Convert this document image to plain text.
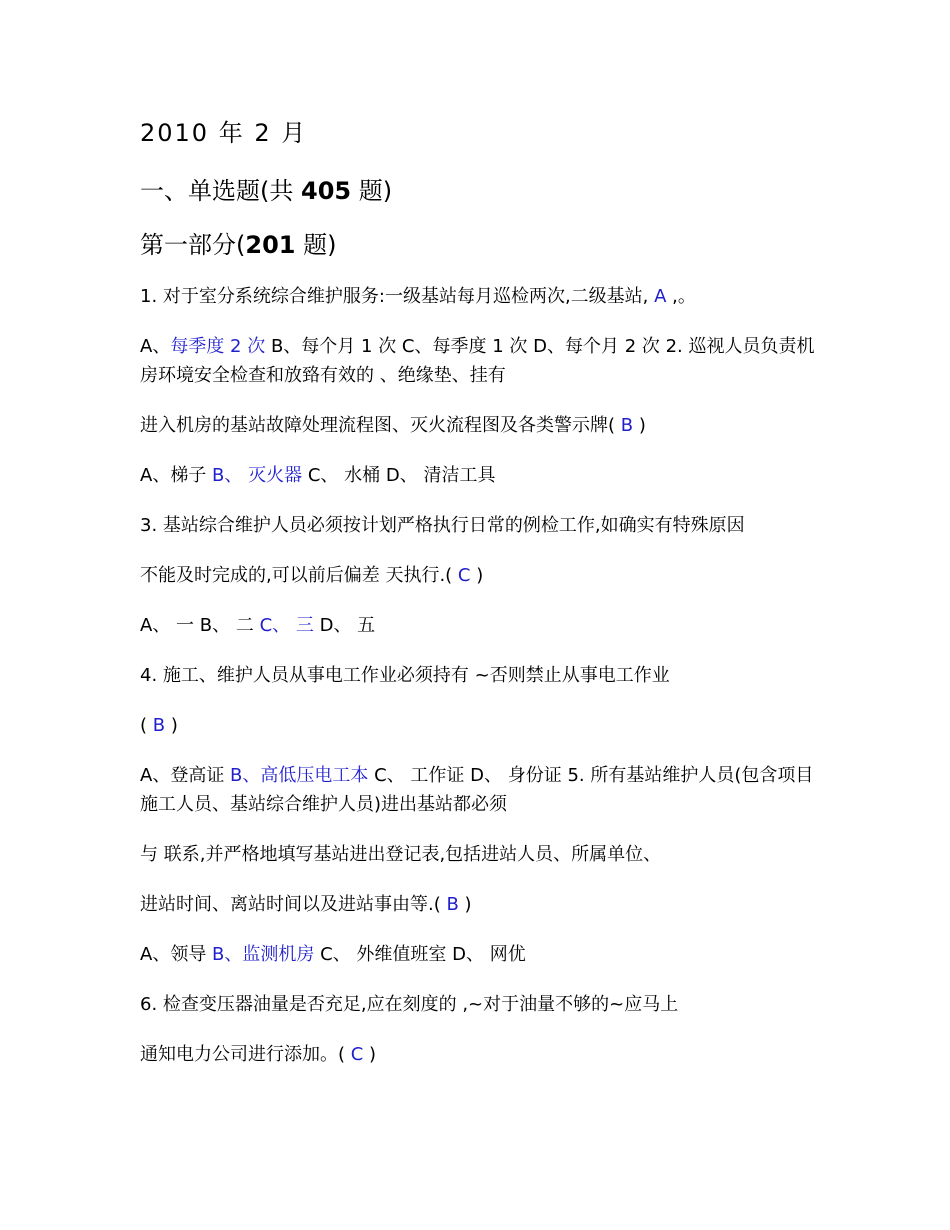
2010 年 2 月

一、单选题(共 405 题)

第一部分(201 题)

1. 对于室分系统综合维护服务:一级基站每月巡检两次,二级基站, A ,。

A、每季度 2 次 B、每个月 1 次 C、每季度 1 次 D、每个月 2 次 2. 巡视人员负责机房环境安全检查和放臵有效的 、绝缘垫、挂有

进入机房的基站故障处理流程图、灭火流程图及各类警示牌( B )

A、梯子 B、 灭火器 C、 水桶 D、 清洁工具

3. 基站综合维护人员必须按计划严格执行日常的例检工作,如确实有特殊原因

不能及时完成的,可以前后偏差 天执行.( C )

A、 一 B、 二 C、 三 D、 五

4. 施工、维护人员从事电工作业必须持有 ~否则禁止从事电工作业

( B )

A、登高证 B、高低压电工本 C、 工作证 D、 身份证 5. 所有基站维护人员(包含项目施工人员、基站综合维护人员)进出基站都必须

与 联系,并严格地填写基站进出登记表,包括进站人员、所属单位、

进站时间、离站时间以及进站事由等.( B )

A、领导 B、监测机房 C、 外维值班室 D、 网优

6. 检查变压器油量是否充足,应在刻度的 ,~对于油量不够的~应马上

通知电力公司进行添加。( C )
